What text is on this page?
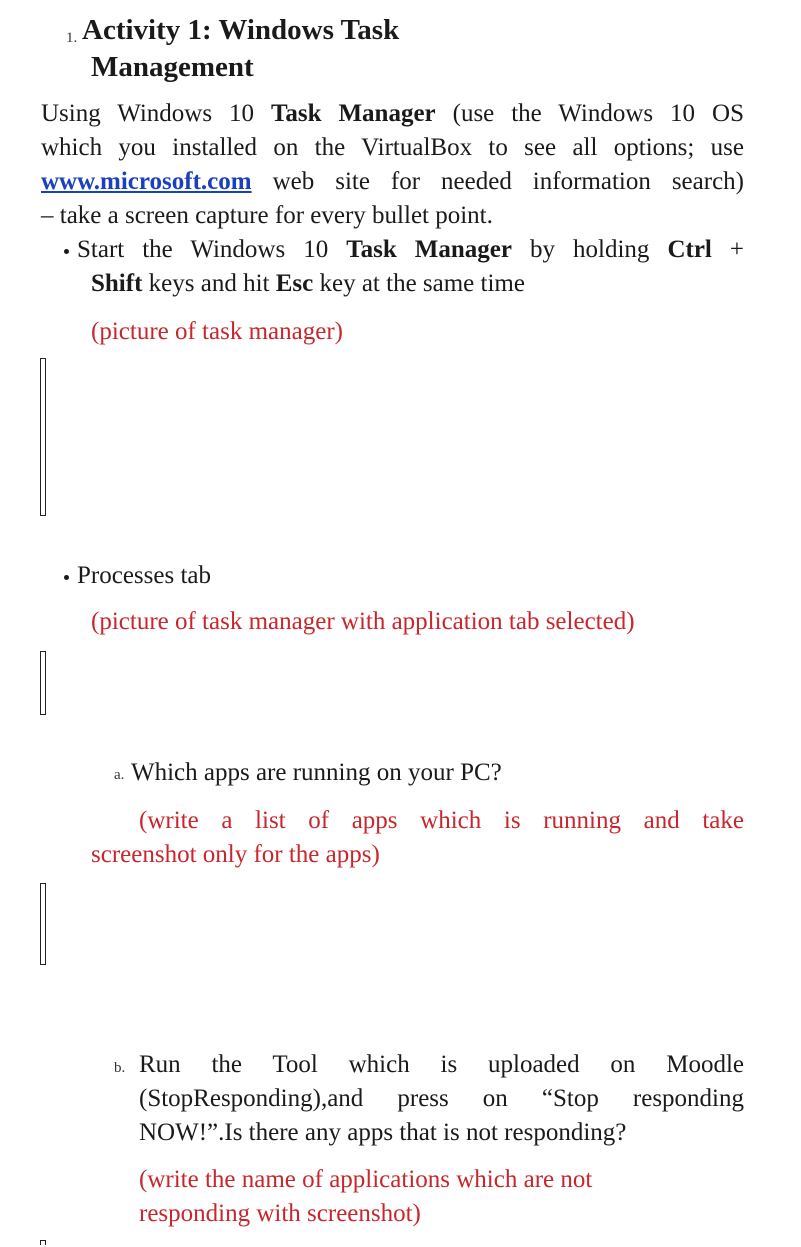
1. Activity 1: Windows Task
Management
Using Windows 10 Task Manager (use the Windows 10 OS
which you installed on the VirtualBox to see all options; use
www.microsoft.com web site for needed information search)
– take a screen capture for every bullet point.
Start the Windows 10 Task Manager by holding Ctrl +
Shift keys and hit Esc key at the same time
(picture of task manager)
Processes tab
(picture of task manager with application tab selected)
a. Which apps are running on your PC?
(write a list of apps which is running and take
screenshot only for the apps)
b. Run the Tool which is uploaded on Moodle
(StopResponding),and press on “Stop responding
NOW!”.Is there any apps that is not responding?
(write the name of applications which are not
responding with screenshot)
